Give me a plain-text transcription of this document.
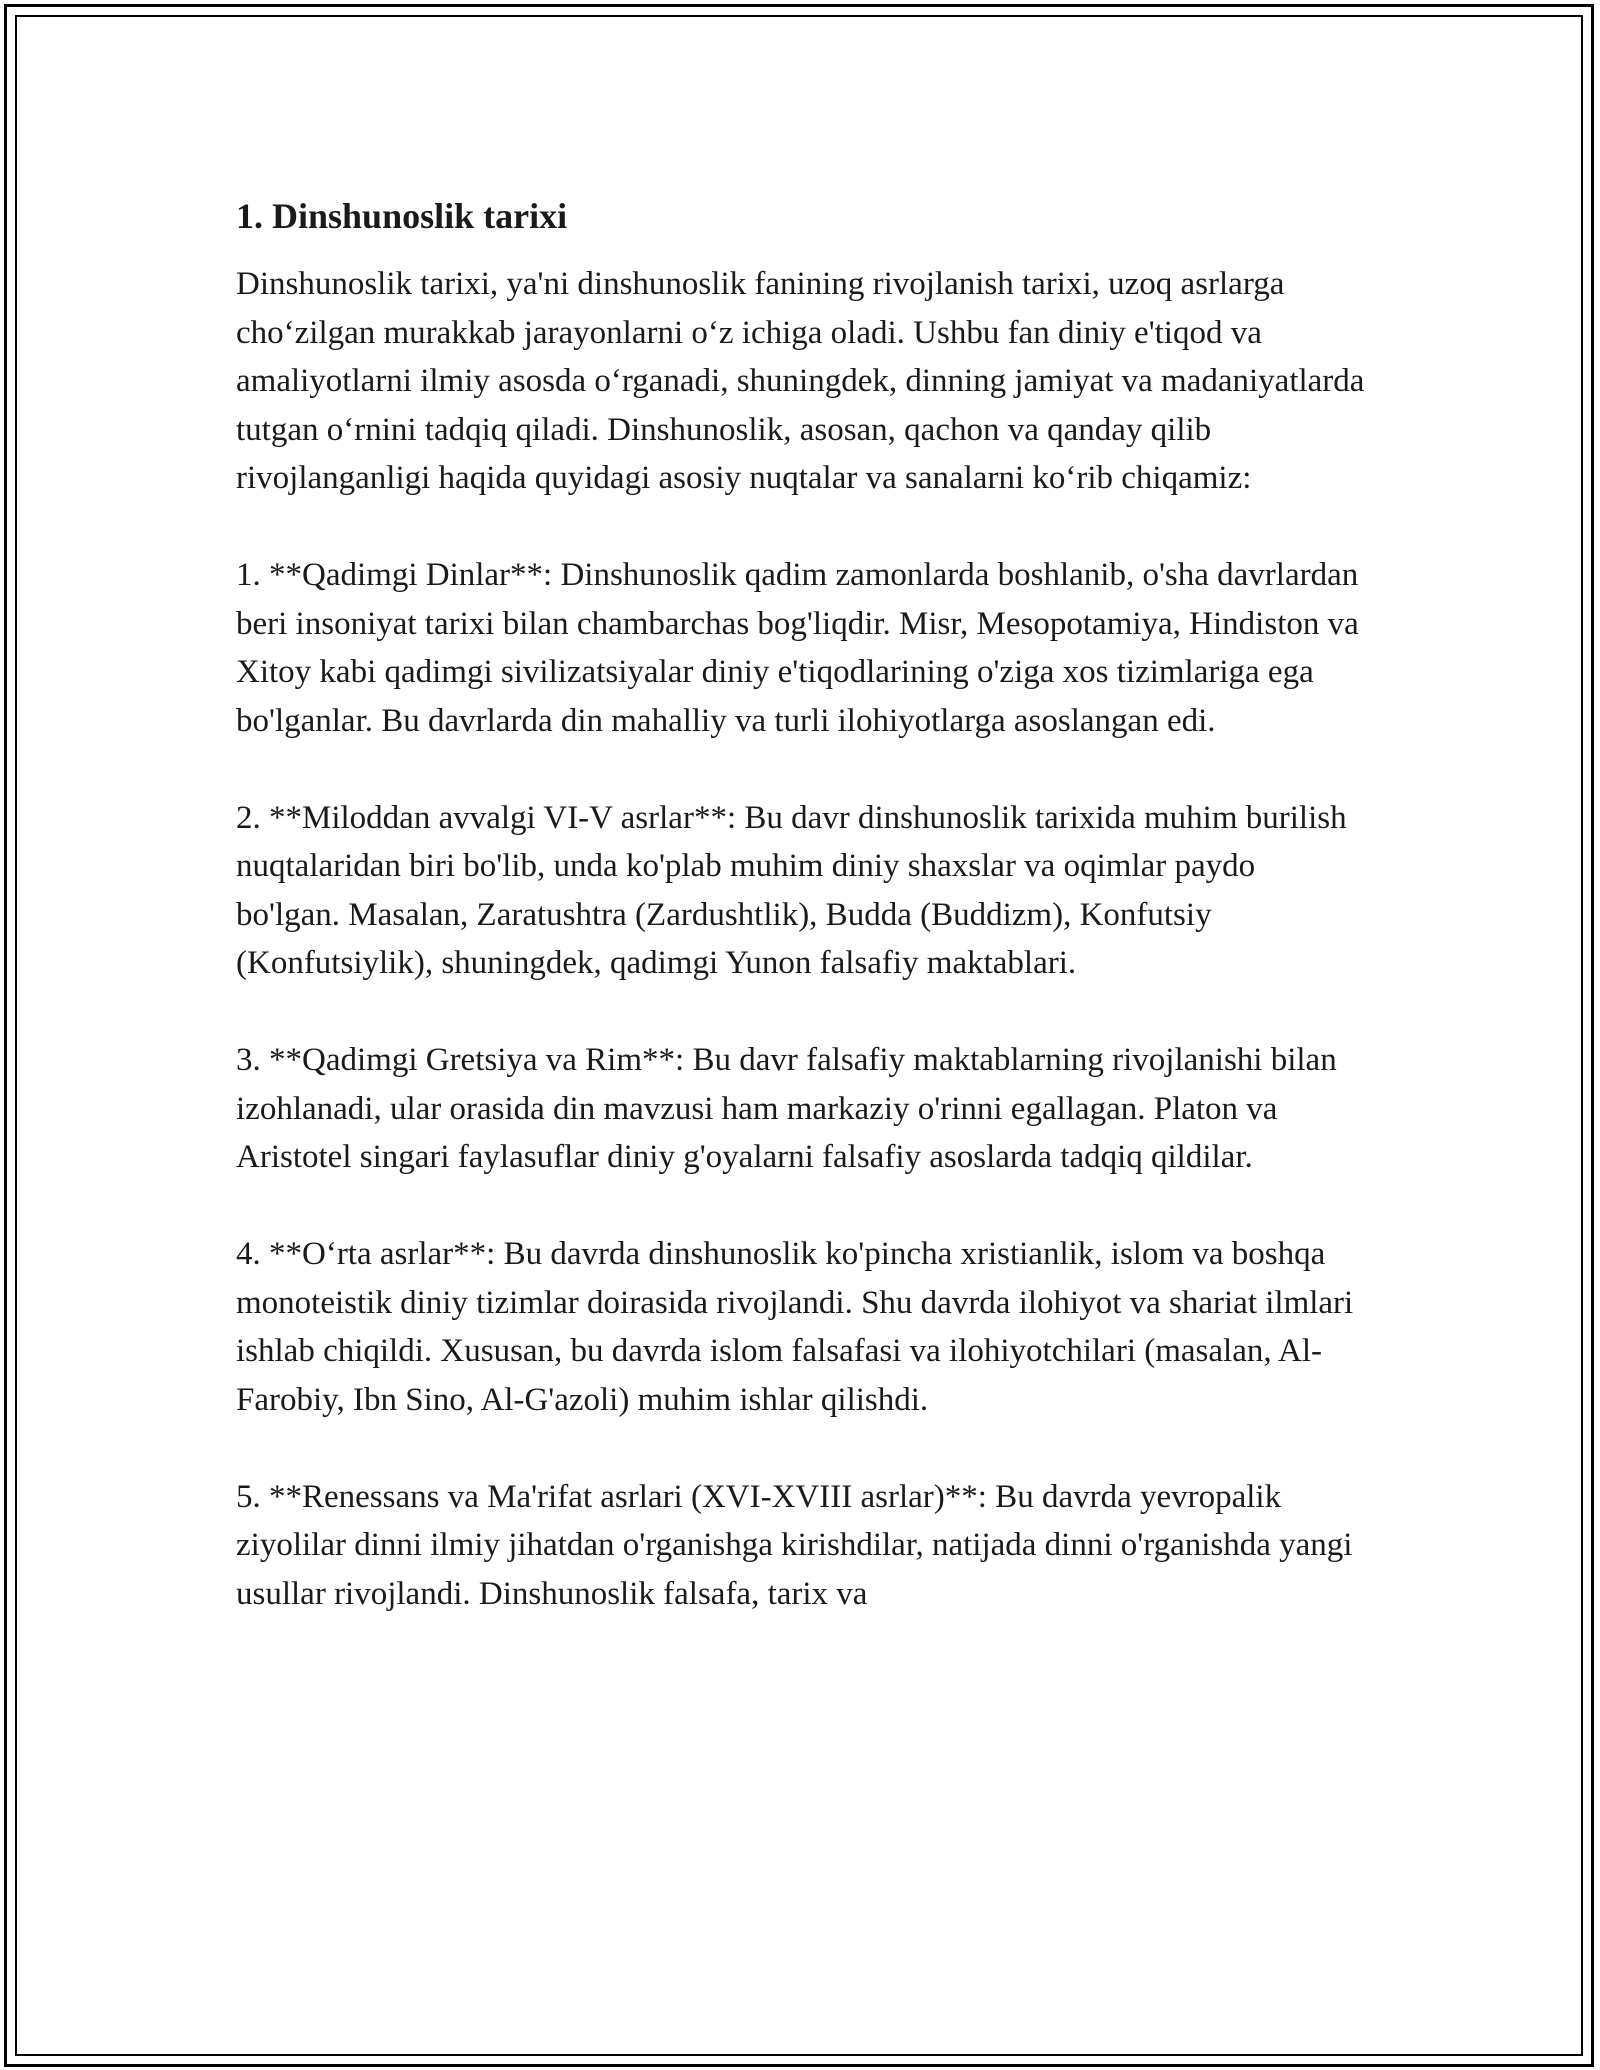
1. Dinshunoslik tarixi

Dinshunoslik tarixi, ya'ni dinshunoslik fanining rivojlanish tarixi, uzoq asrlarga cho‘zilgan murakkab jarayonlarni o‘z ichiga oladi. Ushbu fan diniy e'tiqod va amaliyotlarni ilmiy asosda o‘rganadi, shuningdek, dinning jamiyat va madaniyatlarda tutgan o‘rnini tadqiq qiladi. Dinshunoslik, asosan, qachon va qanday qilib rivojlanganligi haqida quyidagi asosiy nuqtalar va sanalarni ko‘rib chiqamiz:

1. **Qadimgi Dinlar**: Dinshunoslik qadim zamonlarda boshlanib, o'sha davrlardan beri insoniyat tarixi bilan chambarchas bog'liqdir. Misr, Mesopotamiya, Hindiston va Xitoy kabi qadimgi sivilizatsiyalar diniy e'tiqodlarining o'ziga xos tizimlariga ega bo'lganlar. Bu davrlarda din mahalliy va turli ilohiyotlarga asoslangan edi.

2. **Miloddan avvalgi VI-V asrlar**: Bu davr dinshunoslik tarixida muhim burilish nuqtalaridan biri bo'lib, unda ko'plab muhim diniy shaxslar va oqimlar paydo bo'lgan. Masalan, Zaratushtra (Zardushtlik), Budda (Buddizm), Konfutsiy (Konfutsiylik), shuningdek, qadimgi Yunon falsafiy maktablari.

3. **Qadimgi Gretsiya va Rim**: Bu davr falsafiy maktablarning rivojlanishi bilan izohlanadi, ular orasida din mavzusi ham markaziy o'rinni egallagan. Platon va Aristotel singari faylasuflar diniy g'oyalarni falsafiy asoslarda tadqiq qildilar.

4. **O‘rta asrlar**: Bu davrda dinshunoslik ko'pincha xristianlik, islom va boshqa monoteistik diniy tizimlar doirasida rivojlandi. Shu davrda ilohiyot va shariat ilmlari ishlab chiqildi. Xususan, bu davrda islom falsafasi va ilohiyotchilari (masalan, Al-Farobiy, Ibn Sino, Al-G'azoli) muhim ishlar qilishdi.

5. **Renessans va Ma'rifat asrlari (XVI-XVIII asrlar)**: Bu davrda yevropalik ziyolilar dinni ilmiy jihatdan o'rganishga kirishdilar, natijada dinni o'rganishda yangi usullar rivojlandi. Dinshunoslik falsafa, tarix va
